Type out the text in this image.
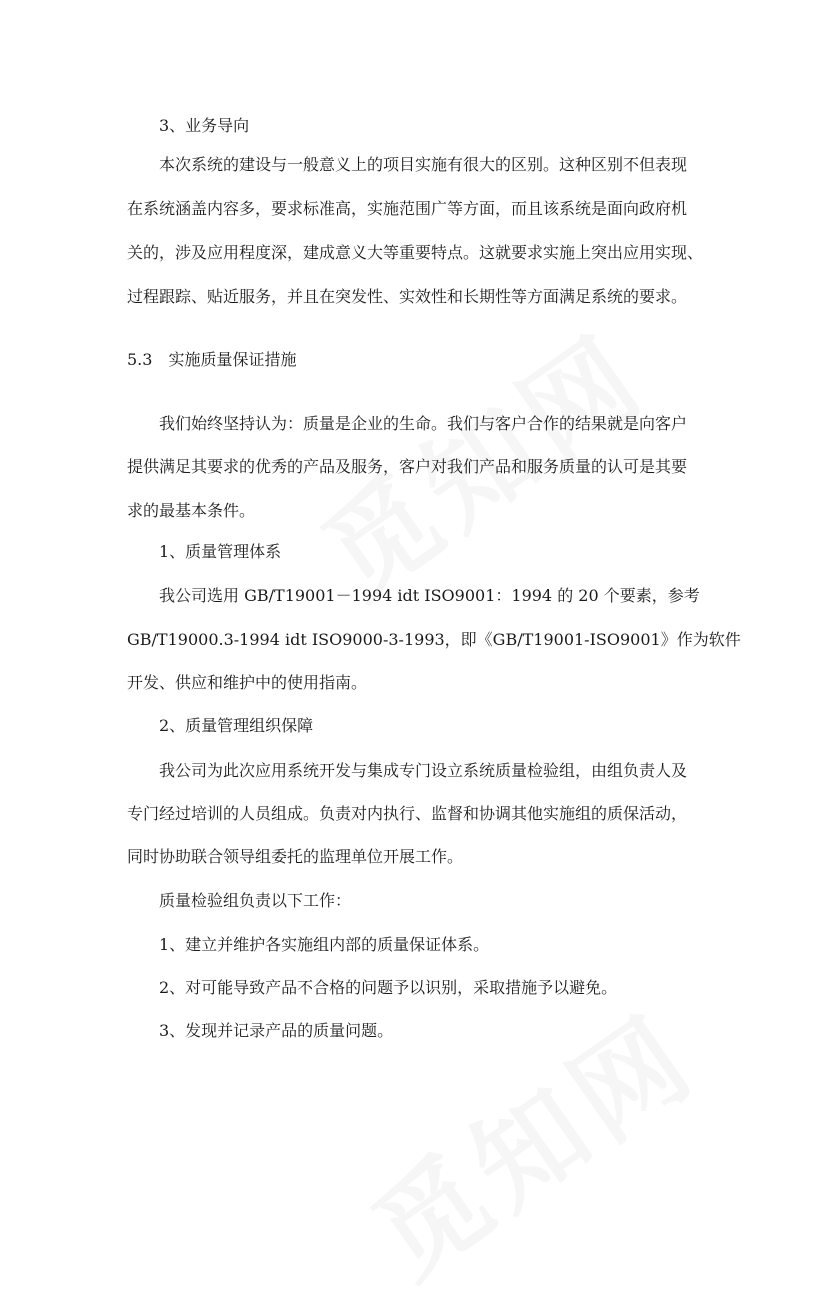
3、业务导向
本次系统的建设与一般意义上的项目实施有很大的区别。这种区别不但表现
在系统涵盖内容多，要求标准高，实施范围广等方面，而且该系统是面向政府机
关的，涉及应用程度深，建成意义大等重要特点。这就要求实施上突出应用实现、
过程跟踪、贴近服务，并且在突发性、实效性和长期性等方面满足系统的要求。
5.3　实施质量保证措施
我们始终坚持认为：质量是企业的生命。我们与客户合作的结果就是向客户
提供满足其要求的优秀的产品及服务，客户对我们产品和服务质量的认可是其要
求的最基本条件。
1、质量管理体系
我公司选用 GB/T19001－1994 idt ISO9001：1994 的 20 个要素，参考
GB/T19000.3-1994 idt ISO9000-3-1993，即《GB/T19001-ISO9001》作为软件
开发、供应和维护中的使用指南。
2、质量管理组织保障
我公司为此次应用系统开发与集成专门设立系统质量检验组，由组负责人及
专门经过培训的人员组成。负责对内执行、监督和协调其他实施组的质保活动，
同时协助联合领导组委托的监理单位开展工作。
质量检验组负责以下工作：
1、建立并维护各实施组内部的质量保证体系。
2、对可能导致产品不合格的问题予以识别，采取措施予以避免。
3、发现并记录产品的质量问题。
